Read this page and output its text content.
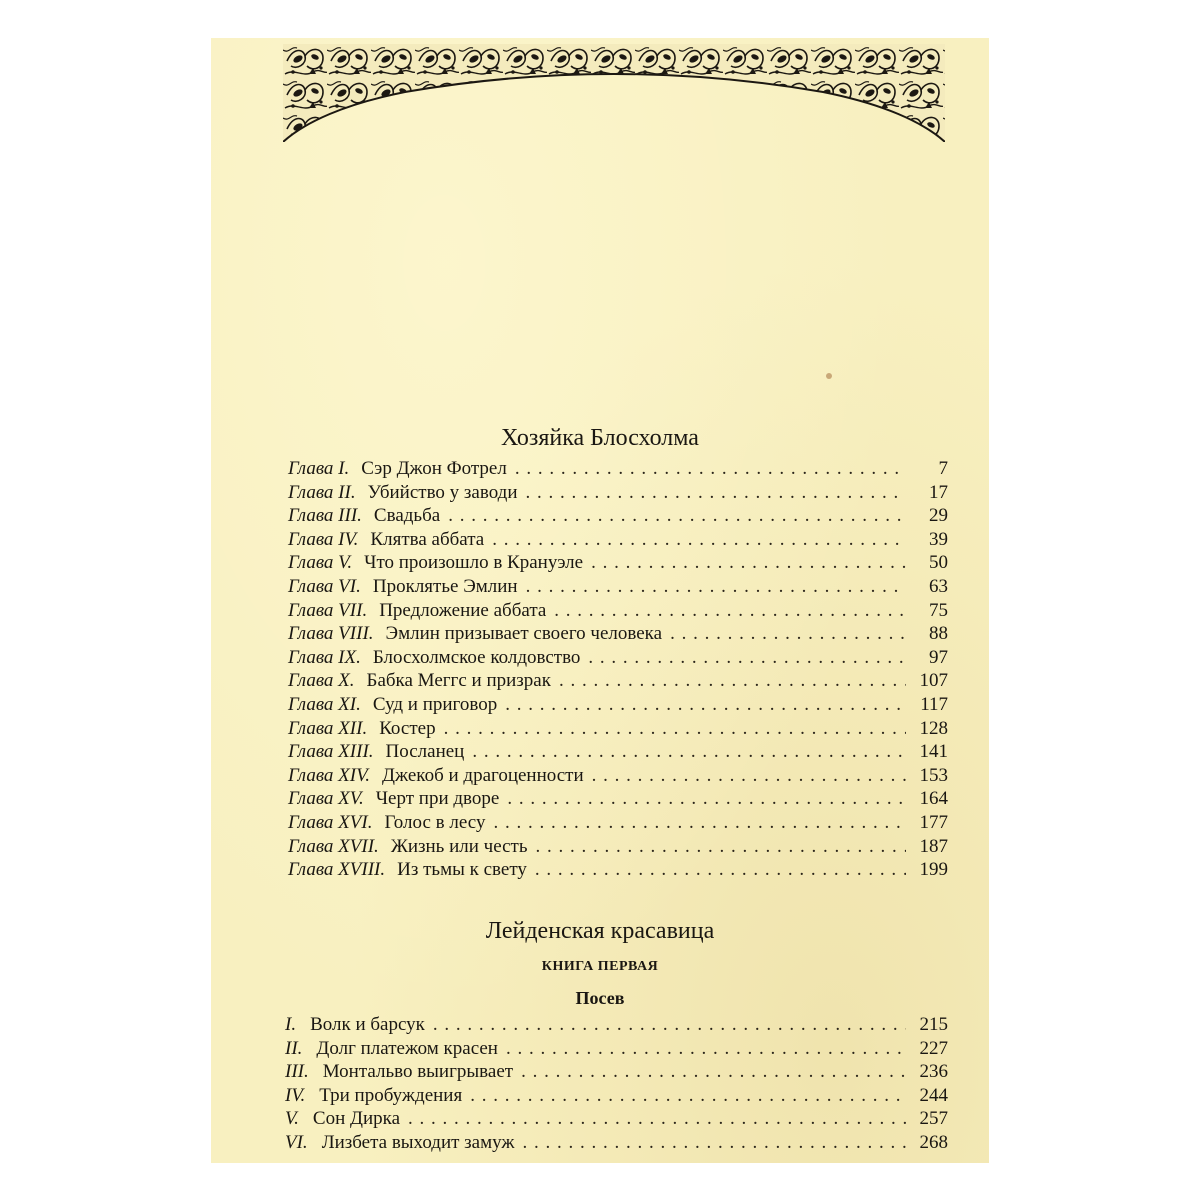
Хозяйка Блосхолма
Глава I. Сэр Джон Фотрел . . .	7
Глава II. Убийство у заводи . . .	17
Глава III. Свадьба . . .	29
Глава IV. Клятва аббата . . .	39
Глава V. Что произошло в Крануэле . . .	50
Глава VI. Проклятье Эмлин . . .	63
Глава VII. Предложение аббата . . .	75
Глава VIII. Эмлин призывает своего человека . . .	88
Глава IX. Блосхолмское колдовство . . .	97
Глава X. Бабка Меггс и призрак . . .	107
Глава XI. Суд и приговор . . .	117
Глава XII. Костер . . .	128
Глава XIII. Посланец . . .	141
Глава XIV. Джекоб и драгоценности . . .	153
Глава XV. Черт при дворе . . .	164
Глава XVI. Голос в лесу . . .	177
Глава XVII. Жизнь или честь . . .	187
Глава XVIII. Из тьмы к свету . . .	199
Лейденская красавица
КНИГА ПЕРВАЯ
Посев
I. Волк и барсук . . .	215
II. Долг платежом красен . . .	227
III. Монтальво выигрывает . . .	236
IV. Три пробуждения . . .	244
V. Сон Дирка . . .	257
VI. Лизбета выходит замуж . . .	268
